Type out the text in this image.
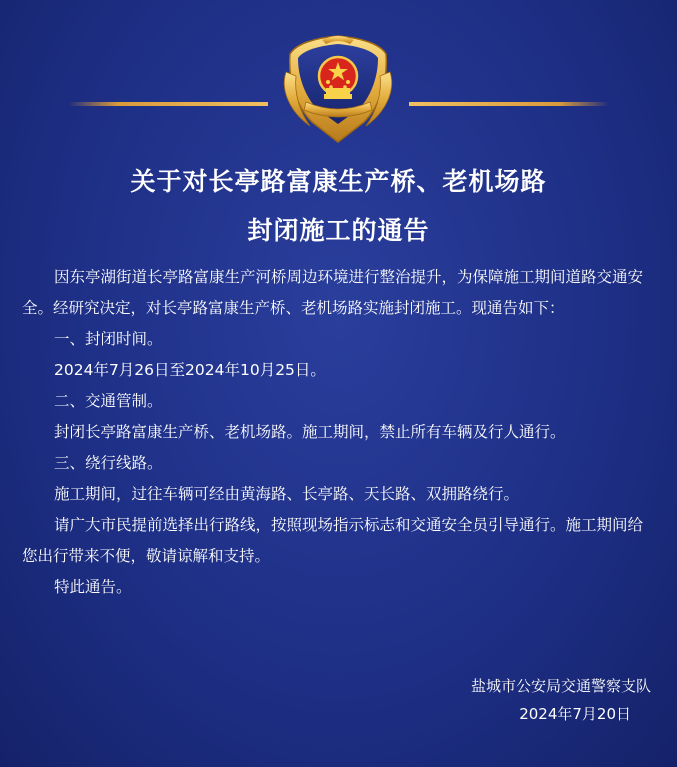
关于对长亭路富康生产桥、老机场路
封闭施工的通告

因东亭湖街道长亭路富康生产河桥周边环境进行整治提升，为保障施工期间道路交通安全。经研究决定，对长亭路富康生产桥、老机场路实施封闭施工。现通告如下：

一、封闭时间。

2024年7月26日至2024年10月25日。

二、交通管制。

封闭长亭路富康生产桥、老机场路。施工期间，禁止所有车辆及行人通行。

三、绕行线路。

施工期间，过往车辆可经由黄海路、长亭路、天长路、双拥路绕行。

请广大市民提前选择出行路线，按照现场指示标志和交通安全员引导通行。施工期间给您出行带来不便，敬请谅解和支持。

特此通告。

盐城市公安局交通警察支队
2024年7月20日
